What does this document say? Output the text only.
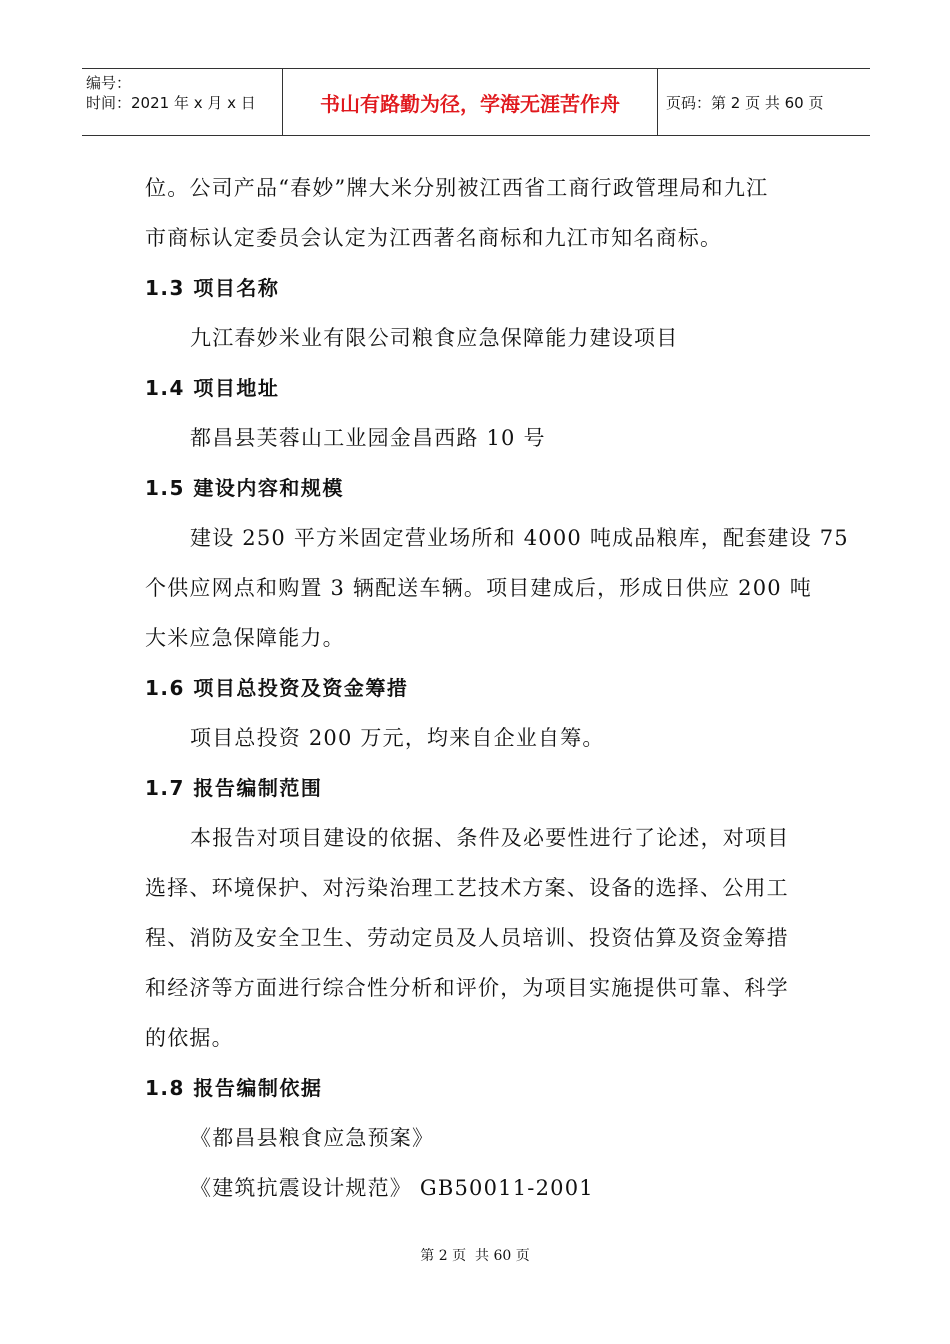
编号：
时间：2021 年 x 月 x 日	书山有路勤为径，学海无涯苦作舟	页码：第 2 页 共 60 页
位。公司产品“春妙”牌大米分别被江西省工商行政管理局和九江
市商标认定委员会认定为江西著名商标和九江市知名商标。
1.3 项目名称
九江春妙米业有限公司粮食应急保障能力建设项目
1.4 项目地址
都昌县芙蓉山工业园金昌西路 10 号
1.5 建设内容和规模
建设 250 平方米固定营业场所和 4000 吨成品粮库，配套建设 75
个供应网点和购置 3 辆配送车辆。项目建成后，形成日供应 200 吨
大米应急保障能力。
1.6 项目总投资及资金筹措
项目总投资 200 万元，均来自企业自筹。
1.7 报告编制范围
本报告对项目建设的依据、条件及必要性进行了论述，对项目
选择、环境保护、对污染治理工艺技术方案、设备的选择、公用工
程、消防及安全卫生、劳动定员及人员培训、投资估算及资金筹措
和经济等方面进行综合性分析和评价，为项目实施提供可靠、科学
的依据。
1.8 报告编制依据
《都昌县粮食应急预案》
《建筑抗震设计规范》 GB50011-2001
第 2 页  共 60 页
